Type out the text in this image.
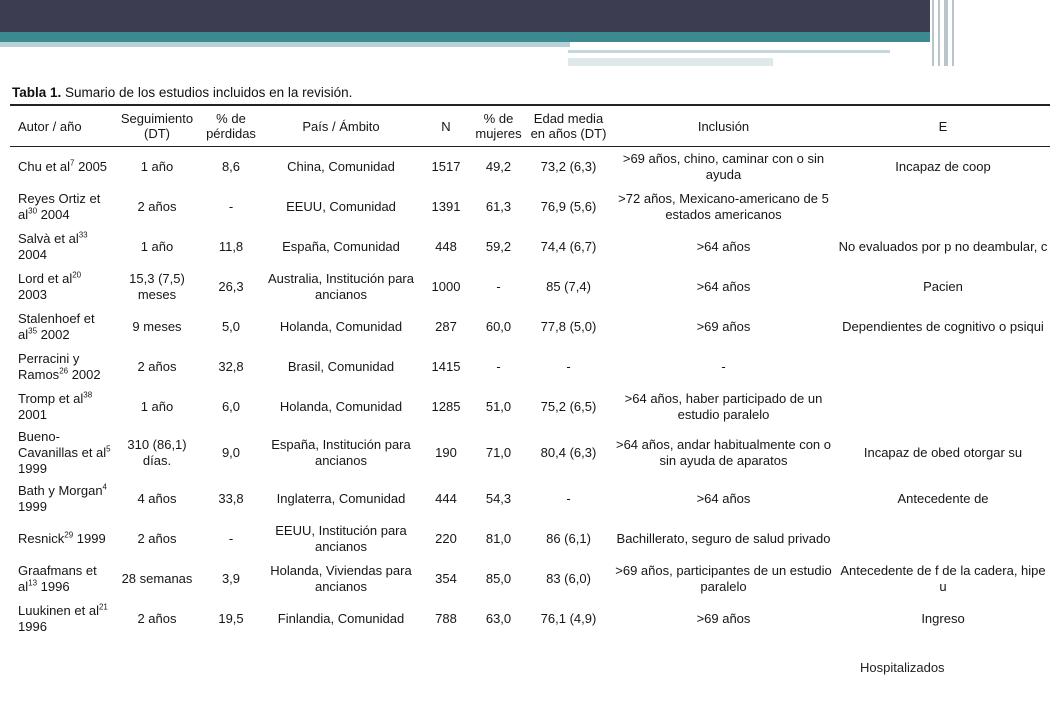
Tabla 1. Sumario de los estudios incluidos en la revisión.
Autor / año	Seguimiento (DT)	% de pérdidas	País / Ámbito	N	% de mujeres	Edad media en años (DT)	Inclusión	E
Chu et $al^7$ 2005	1 año	8,6	China, Comunidad	1517	49,2	73,2 (6,3)	>69 años, chino, caminar con o sin ayuda	Incapaz de coop
Reyes Ortiz et $al^{30}$ 2004	2 años	-	EEUU, Comunidad	1391	61,3	76,9 (5,6)	>72 años, Mexicano-americano de 5 estados americanos	
Salvà et $al^{33}$ 2004	1 año	11,8	España, Comunidad	448	59,2	74,4 (6,7)	>64 años	No evaluados por p no deambular, c
Lord et $al^{20}$ 2003	15,3 (7,5) meses	26,3	Australia, Institución para ancianos	1000	-	85 (7,4)	>64 años	Pacien
Stalenhoef et $al^{35}$ 2002	9 meses	5,0	Holanda, Comunidad	287	60,0	77,8 (5,0)	>69 años	Dependientes de cognitivo o psiqui
Perracini y Ramos$^{26}$ 2002	2 años	32,8	Brasil, Comunidad	1415	-	-	-	
Tromp et $al^{38}$ 2001	1 año	6,0	Holanda, Comunidad	1285	51,0	75,2 (6,5)	>64 años, haber participado de un estudio paralelo	
Bueno-Cavanillas et $al^5$ 1999	310 (86,1) días.	9,0	España, Institución para ancianos	190	71,0	80,4 (6,3)	>64 años, andar habitualmente con o sin ayuda de aparatos	Incapaz de obed otorgar su
Bath y Morgan$^4$ 1999	4 años	33,8	Inglaterra, Comunidad	444	54,3	-	>64 años	Antecedente de
Resnick$^{29}$ 1999	2 años	-	EEUU, Institución para ancianos	220	81,0	86 (6,1)	Bachillerato, seguro de salud privado	
Graafmans et $al^{13}$ 1996	28 semanas	3,9	Holanda, Viviendas para ancianos	354	85,0	83 (6,0)	>69 años, participantes de un estudio paralelo	Antecedente de f de la cadera, hipe u
Luukinen et $al^{21}$ 1996	2 años	19,5	Finlandia, Comunidad	788	63,0	76,1 (4,9)	>69 años	Ingreso
Hospitalizados
